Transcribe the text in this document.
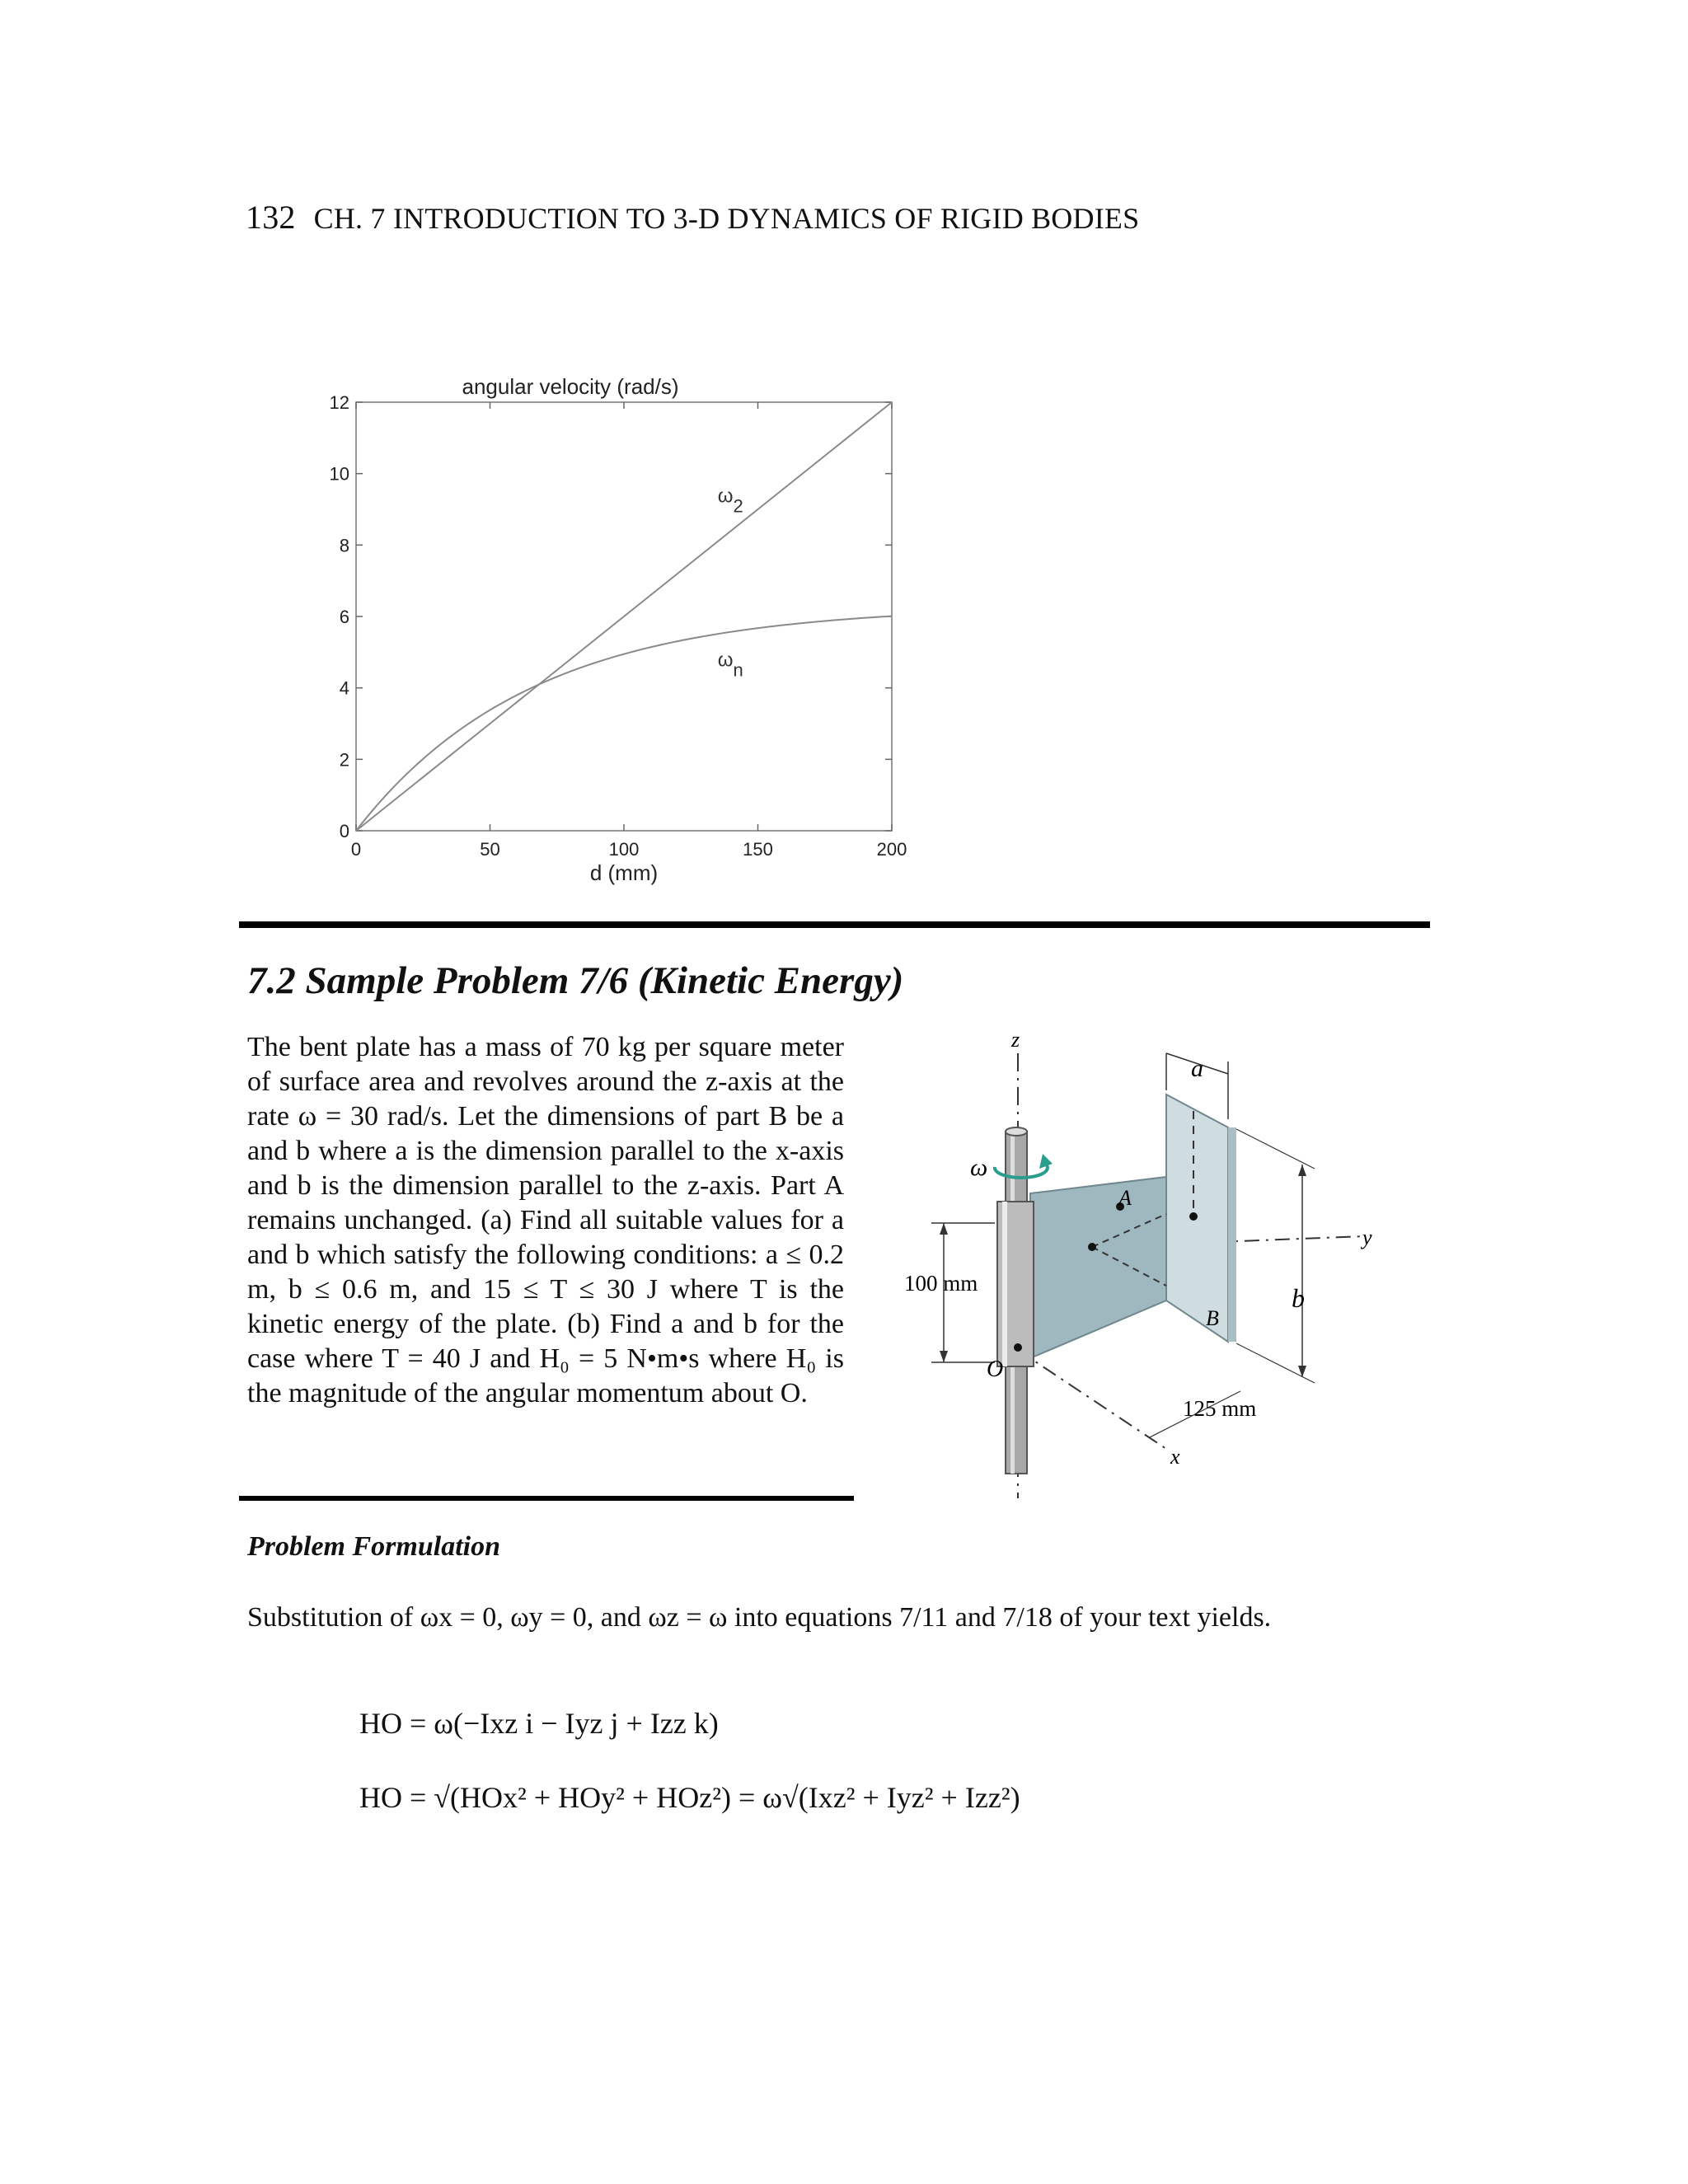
132 CH. 7 INTRODUCTION TO 3-D DYNAMICS OF RIGID BODIES
0	50	100	150	200
0
2
4
6
8
10
12
angular velocity (rad/s)
d (mm)
ω2
ωn
7.2 Sample Problem 7/6 (Kinetic Energy)
The bent plate has a mass of 70 kg per square meter of surface area and revolves around the z-axis at the rate ω = 30 rad/s. Let the dimensions of part B be a and b where a is the dimension parallel to the x-axis and b is the dimension parallel to the z-axis. Part A remains unchanged. (a) Find all suitable values for a and b which satisfy the following conditions: a ≤ 0.2 m, b ≤ 0.6 m, and 15 ≤ T ≤ 30 J where T is the kinetic energy of the plate. (b) Find a and b for the case where T = 40 J and H₀ = 5 N•m•s where H₀ is the magnitude of the angular momentum about O.
z
a
ω
A
y
100 mm
B
b
O
125 mm
x
Problem Formulation
Substitution of ωx = 0, ωy = 0, and ωz = ω into equations 7/11 and 7/18 of your text yields.
HO = ω(−Ixz i − Iyz j + Izz k)
HO = √(HOx² + HOy² + HOz²) = ω√(Ixz² + Iyz² + Izz²)
